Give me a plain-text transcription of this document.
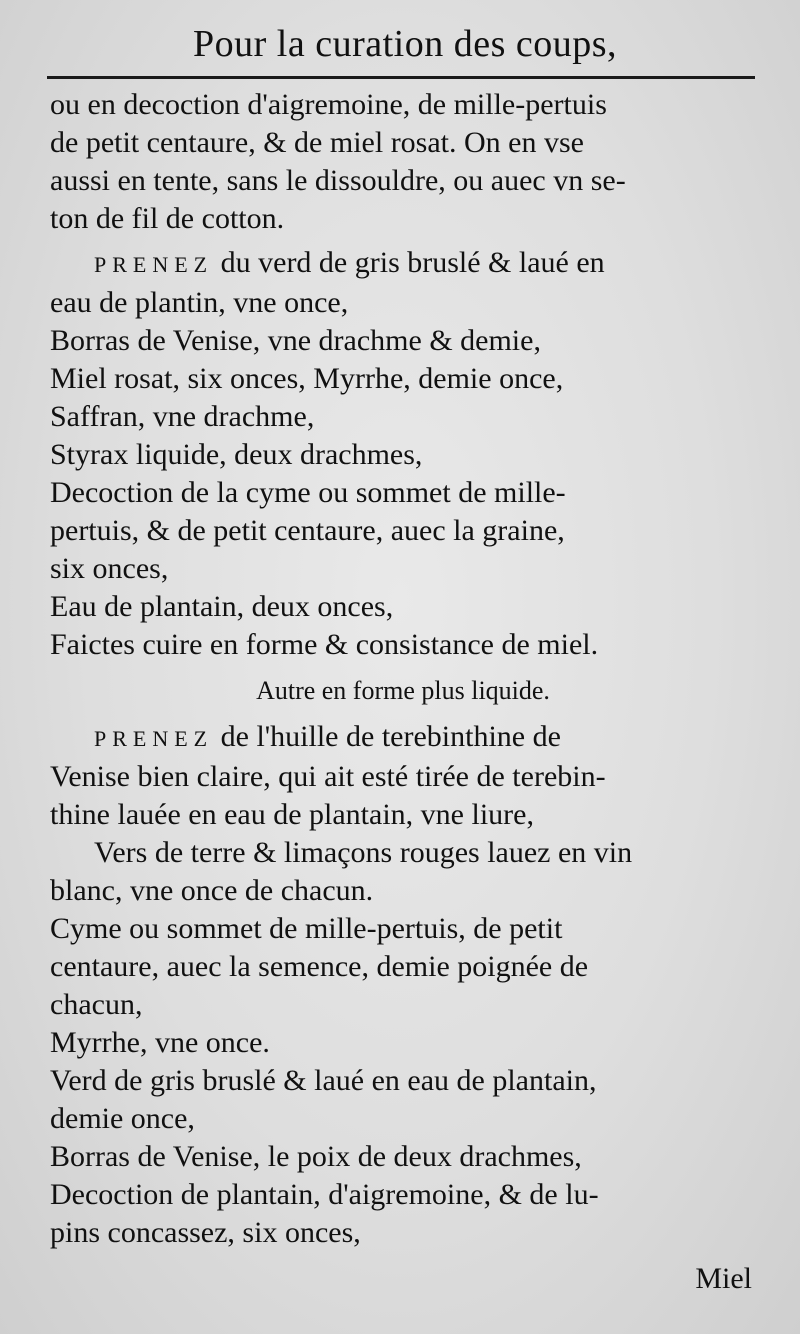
Pour la curation des coups,
ou en decoction d'aigremoine, de mille-pertuis
de petit centaure, & de miel rosat. On en vse
aussi en tente, sans le dissouldre, ou auec vn se-
ton de fil de cotton.
PRENEZ du verd de gris bruslé & laué en
eau de plantin, vne once,
Borras de Venise, vne drachme & demie,
Miel rosat, six onces, Myrrhe, demie once,
Saffran, vne drachme,
Styrax liquide, deux drachmes,
Decoction de la cyme ou sommet de mille-
pertuis, & de petit centaure, auec la graine,
six onces,
Eau de plantain, deux onces,
Faictes cuire en forme & consistance de miel.
Autre en forme plus liquide.
PRENEZ de l'huille de terebinthine de
Venise bien claire, qui ait esté tirée de terebin-
thine lauée en eau de plantain, vne liure,
Vers de terre & limaçons rouges lauez en vin
blanc, vne once de chacun.
Cyme ou sommet de mille-pertuis, de petit
centaure, auec la semence, demie poignée de
chacun,
Myrrhe, vne once.
Verd de gris bruslé & laué en eau de plantain,
demie once,
Borras de Venise, le poix de deux drachmes,
Decoction de plantain, d'aigremoine, & de lu-
pins concassez, six onces,
Miel
